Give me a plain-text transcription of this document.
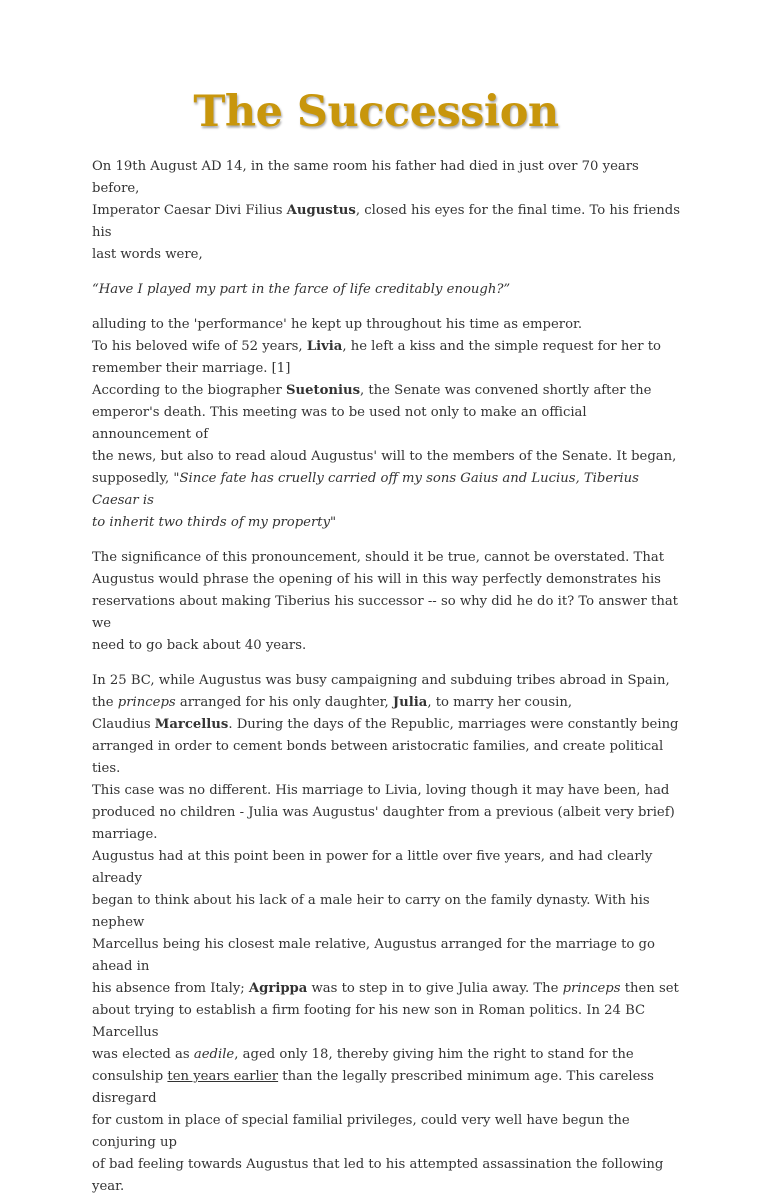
The Succession

On 19th August AD 14, in the same room his father had died in just over 70 years before,
Imperator Caesar Divi Filius Augustus, closed his eyes for the final time. To his friends his
last words were,

“Have I played my part in the farce of life creditably enough?”

alluding to the 'performance' he kept up throughout his time as emperor.
To his beloved wife of 52 years, Livia, he left a kiss and the simple request for her to
remember their marriage. [1]
According to the biographer Suetonius, the Senate was convened shortly after the
emperor's death. This meeting was to be used not only to make an official announcement of
the news, but also to read aloud Augustus' will to the members of the Senate. It began,
supposedly, "Since fate has cruelly carried off my sons Gaius and Lucius, Tiberius Caesar is
to inherit two thirds of my property"

The significance of this pronouncement, should it be true, cannot be overstated. That
Augustus would phrase the opening of his will in this way perfectly demonstrates his
reservations about making Tiberius his successor -- so why did he do it? To answer that we
need to go back about 40 years.

In 25 BC, while Augustus was busy campaigning and subduing tribes abroad in Spain,
the princeps arranged for his only daughter, Julia, to marry her cousin,
Claudius Marcellus. During the days of the Republic, marriages were constantly being
arranged in order to cement bonds between aristocratic families, and create political ties.
This case was no different. His marriage to Livia, loving though it may have been, had
produced no children - Julia was Augustus' daughter from a previous (albeit very brief)
marriage.
Augustus had at this point been in power for a little over five years, and had clearly already
began to think about his lack of a male heir to carry on the family dynasty. With his nephew
Marcellus being his closest male relative, Augustus arranged for the marriage to go ahead in
his absence from Italy; Agrippa was to step in to give Julia away. The princeps then set
about trying to establish a firm footing for his new son in Roman politics. In 24 BC Marcellus
was elected as aedile, aged only 18, thereby giving him the right to stand for the
consulship ten years earlier than the legally prescribed minimum age. This careless disregard
for custom in place of special familial privileges, could very well have begun the conjuring up
of bad feeling towards Augustus that led to his attempted assassination the following year.
